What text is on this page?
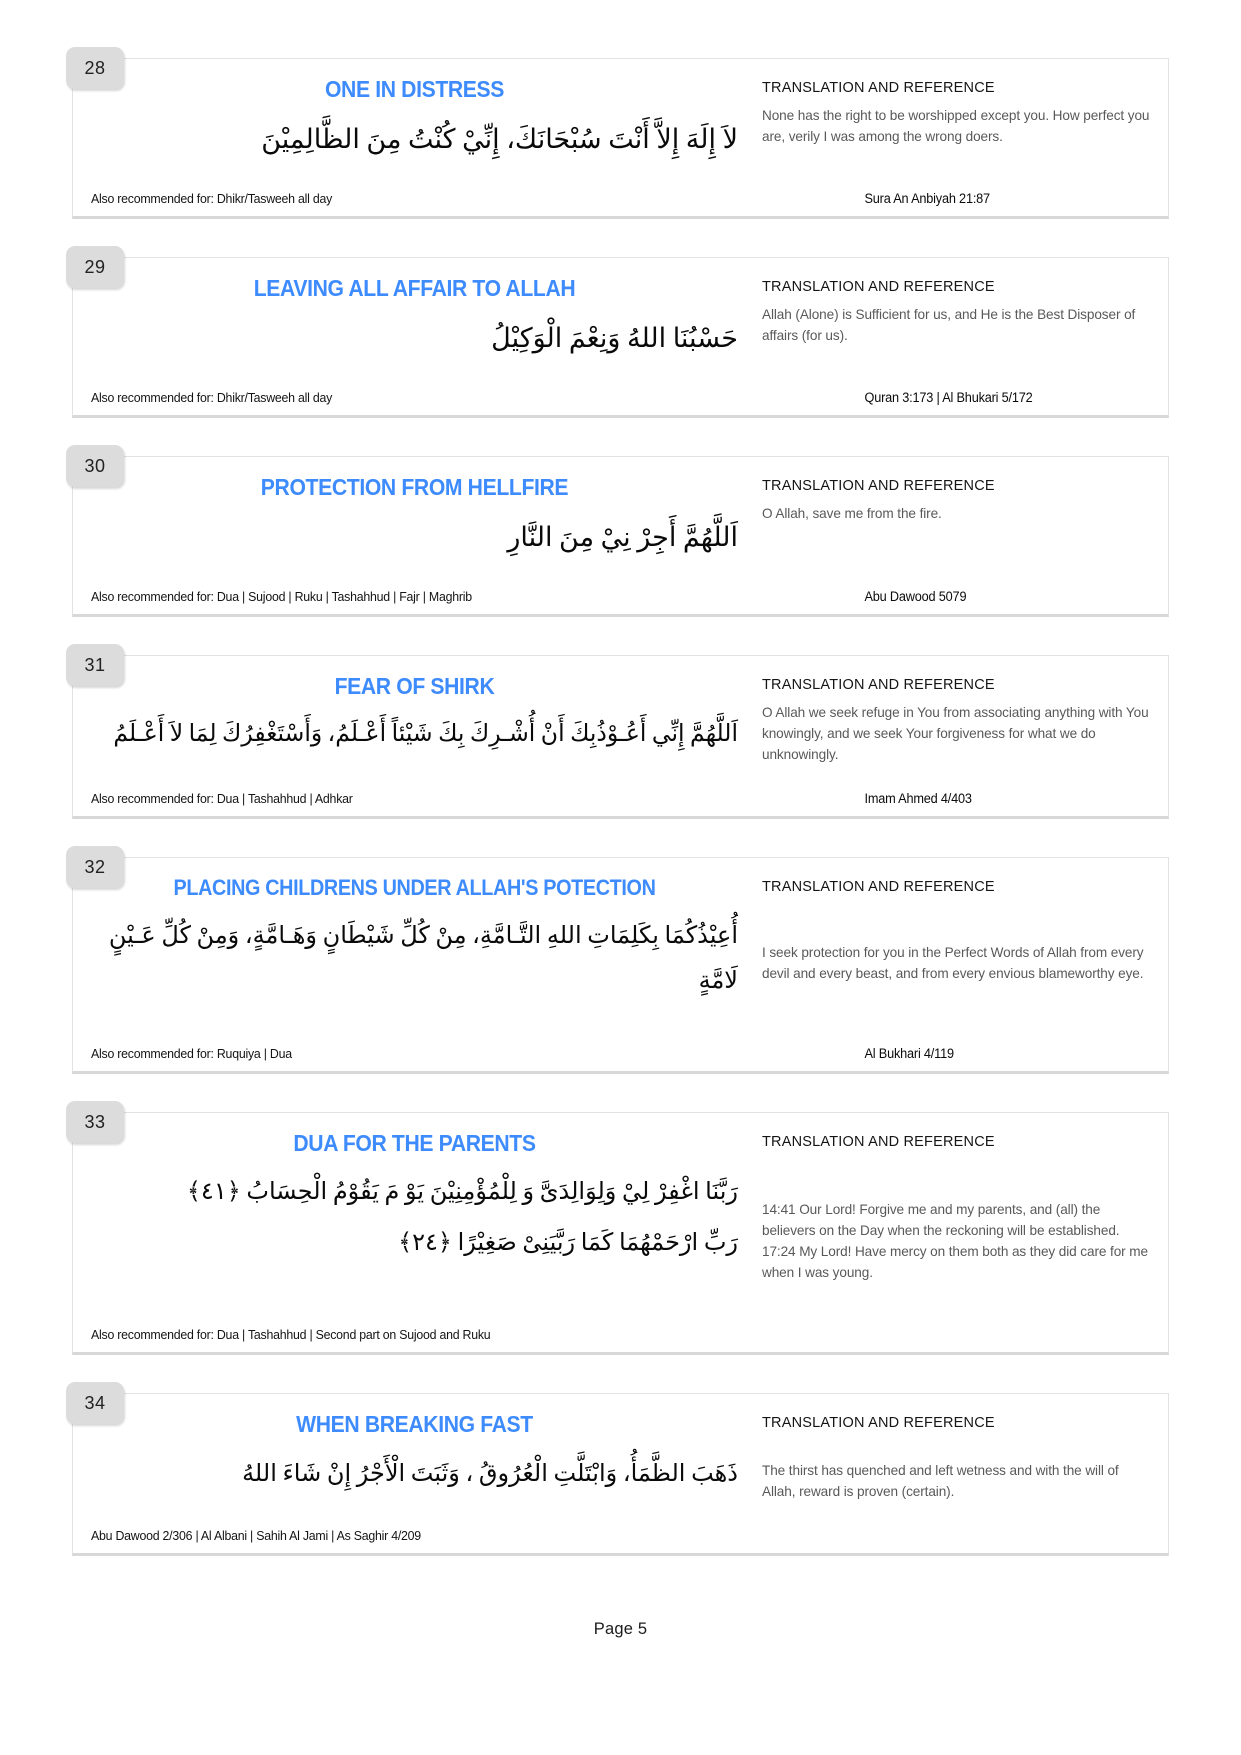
28
ONE IN DISTRESS
لاَ إِلَهَ إِلاَّ أَنْتَ سُبْحَانَكَ، إِنِّيْ كُنْتُ مِنَ الظَّالِمِيْنَ
TRANSLATION AND REFERENCE
None has the right to be worshipped except you. How perfect you are, verily I was among the wrong doers.
Also recommended for: Dhikr/Tasweeh all day	Sura An Anbiyah 21:87
29
LEAVING ALL AFFAIR TO ALLAH
حَسْبُنَا اللهُ وَنِعْمَ الْوَكِيْلُ
TRANSLATION AND REFERENCE
Allah (Alone) is Sufficient for us, and He is the Best Disposer of affairs (for us).
Also recommended for: Dhikr/Tasweeh all day	Quran 3:173 | Al Bhukari 5/172
30
PROTECTION FROM HELLFIRE
اَللَّهُمَّ أَجِرْ نِيْ مِنَ النَّارِ
TRANSLATION AND REFERENCE
O Allah, save me from the fire.
Also recommended for: Dua | Sujood | Ruku | Tashahhud | Fajr | Maghrib	Abu Dawood 5079
31
FEAR OF SHIRK
اَللَّهُمَّ إِنِّي أَعُـوْذُبِكَ أَنْ أُشْـرِكَ بِكَ شَيْئاً أَعْـلَمُ، وَأَسْتَغْفِرُكَ لِمَا لاَ أَعْـلَمُ
TRANSLATION AND REFERENCE
O Allah we seek refuge in You from associating anything with You knowingly, and we seek Your forgiveness for what we do unknowingly.
Also recommended for: Dua | Tashahhud | Adhkar	Imam Ahmed 4/403
32
PLACING CHILDRENS UNDER ALLAH'S POTECTION
أُعِيْذُكُمَا بِكَلِمَاتِ اللهِ التَّـامَّةِ، مِنْ كُلِّ شَيْطَانٍ وَهَـامَّةٍ، وَمِنْ كُلِّ عَـيْنٍ لَامَّةٍ
TRANSLATION AND REFERENCE
I seek protection for you in the Perfect Words of Allah from every devil and every beast, and from every envious blameworthy eye.
Also recommended for: Ruquiya | Dua	Al Bukhari 4/119
33
DUA FOR THE PARENTS
رَبَّنَا اغْفِرْ لِيْ وَلِوَالِدَىَّ وَ لِلْمُؤْمِنِيْنَ يَوْ مَ يَقُوْمُ الْحِسَابُ ﴿٤١﴾
رَبِّ ارْحَمْهُمَا كَمَا رَبَّيَنِىْ صَغِيْرًا ﴿٢٤﴾
TRANSLATION AND REFERENCE
14:41 Our Lord! Forgive me and my parents, and (all) the believers on the Day when the reckoning will be established.
17:24 My Lord! Have mercy on them both as they did care for me when I was young.
Also recommended for: Dua | Tashahhud | Second part on Sujood and Ruku
34
WHEN BREAKING FAST
ذَهَبَ الظَّمَأُ، وَابْتَلَّتِ الْعُرُوقُ ، وَثَبَتَ الْأَجْرُ إِنْ شَاءَ اللهُ
TRANSLATION AND REFERENCE
The thirst has quenched and left wetness and with the will of Allah, reward is proven (certain).
Abu Dawood 2/306 | Al Albani | Sahih Al Jami | As Saghir 4/209
Page 5
